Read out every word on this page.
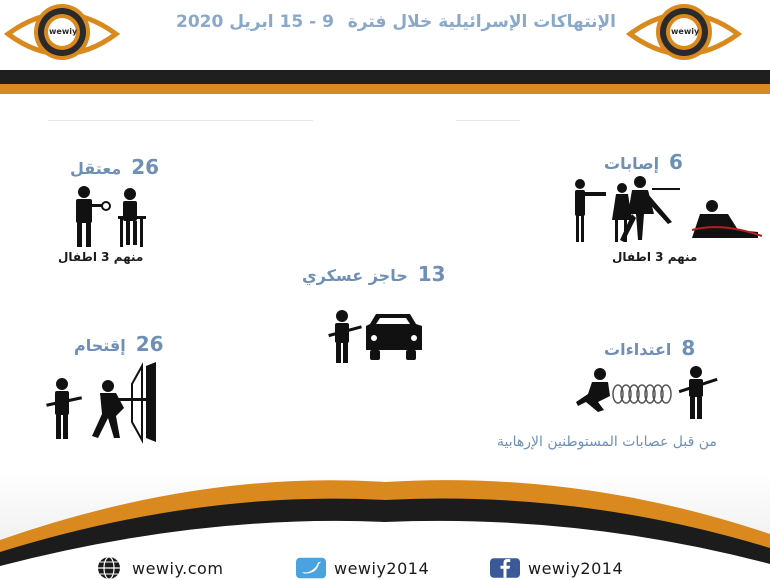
wewiy	الإنتهاكات الإسرائيلية خلال فترة
9 - 15 ابريل 2020	wewiy
6إصابات
منهم 3 اطفال
26معتقل
منهم 3 اطفال
13حاجز عسكري
26إقتحام	8اعتداءات
من قبل عصابات المستوطنين الإرهابية
wewiy.com	wewiy2014	wewiy2014
